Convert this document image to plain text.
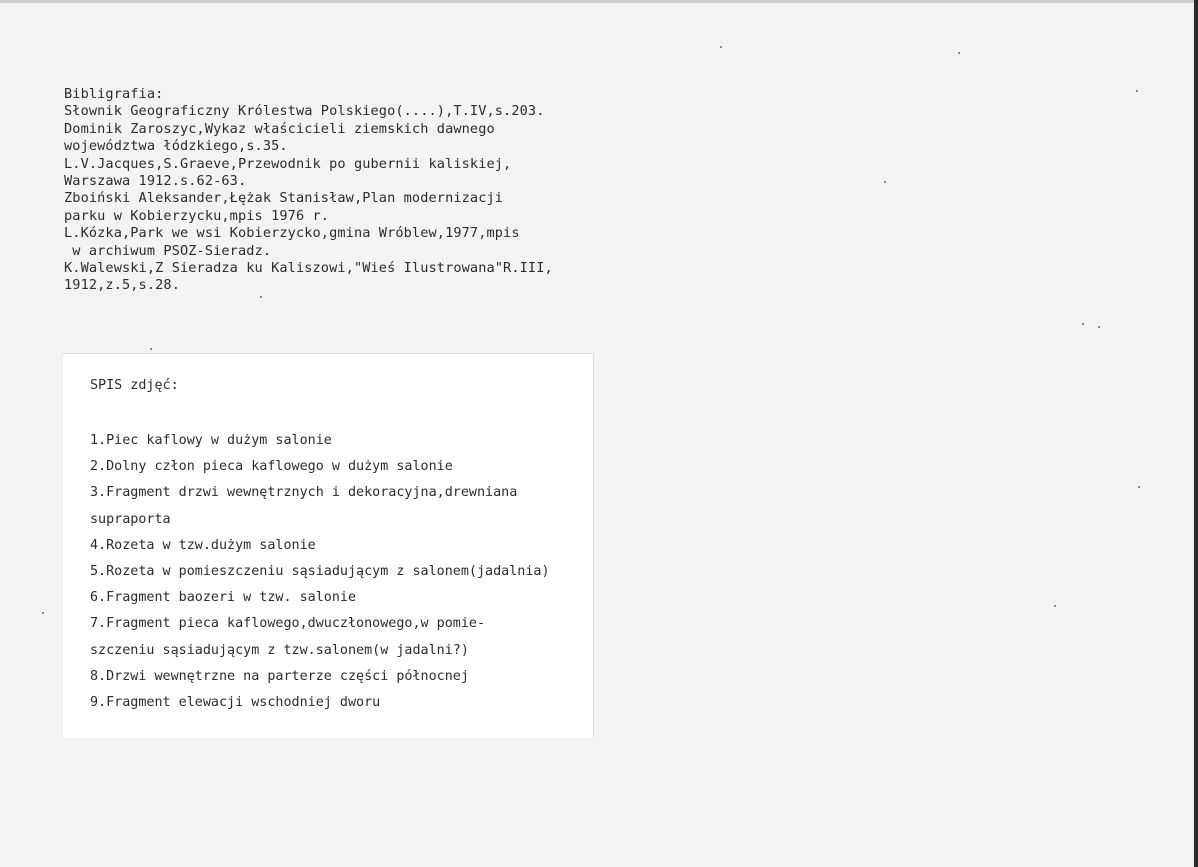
Bibligrafia:
Słownik Geograficzny Królestwa Polskiego(....),T.IV,s.203.
Dominik Zaroszyc,Wykaz właścicieli ziemskich dawnego
województwa łódzkiego,s.35.
L.V.Jacques,S.Graeve,Przewodnik po gubernii kaliskiej,
Warszawa 1912.s.62-63.
Zboiński Aleksander,Łężak Stanisław,Plan modernizacji
parku w Kobierzycku,mpis 1976 r.
L.Kózka,Park we wsi Kobierzycko,gmina Wróblew,1977,mpis
w archiwum PSOZ-Sieradz.
K.Walewski,Z Sieradza ku Kaliszowi,"Wieś Ilustrowana"R.III,
1912,z.5,s.28.
SPIS zdjęć:
1.Piec kaflowy w dużym salonie
2.Dolny człon pieca kaflowego w dużym salonie
3.Fragment drzwi wewnętrznych i dekoracyjna,drewniana
supraporta
4.Rozeta w tzw.dużym salonie
5.Rozeta w pomieszczeniu sąsiadującym z salonem(jadalnia)
6.Fragment baozeri w tzw. salonie
7.Fragment pieca kaflowego,dwuczłonowego,w pomie-
szczeniu sąsiadującym z tzw.salonem(w jadalni?)
8.Drzwi wewnętrzne na parterze części północnej
9.Fragment elewacji wschodniej dworu
